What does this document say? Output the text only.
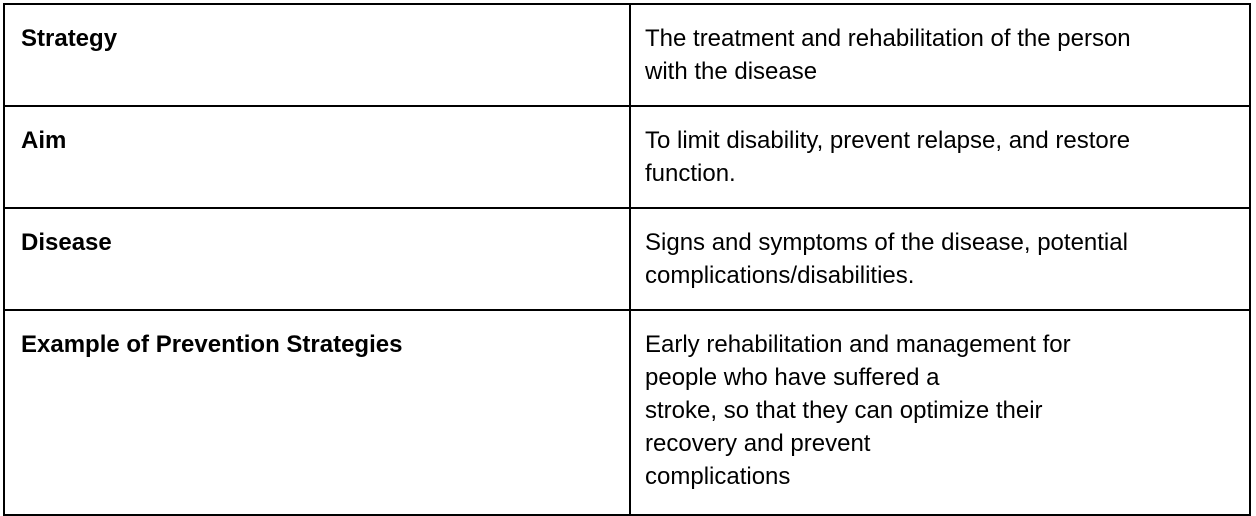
Strategy	The treatment and rehabilitation of the person
with the disease

Aim	To limit disability, prevent relapse, and restore
function.

Disease	Signs and symptoms of the disease, potential
complications/disabilities.

Example of Prevention Strategies	Early rehabilitation and management for
people who have suffered a
stroke, so that they can optimize their
recovery and prevent
complications
